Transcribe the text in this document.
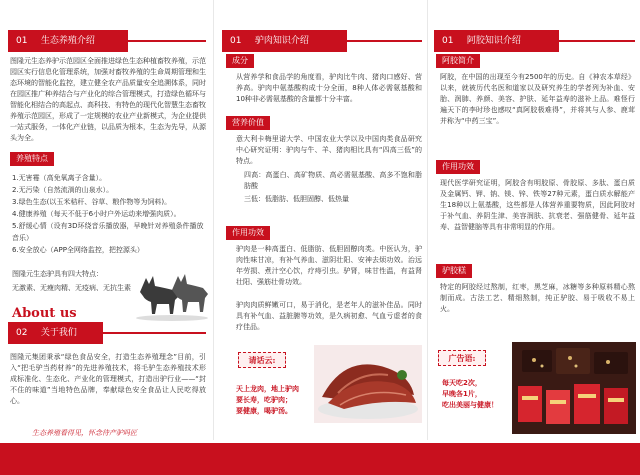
01 生态养殖介绍
图隆元生态养驴示范园区全面推进绿色生态种植畜牧养殖，示范园区实行信息化管理系统，加强对畜牧养殖的生命周期管理和生态环境的智能化监控，建立健全农产品质量安全追溯体系，同时在园区推广种养结合与产业化的综合管理模式，打造绿色循环与智能化相结合的高起点、高科技、有特色的现代化智慧生态畜牧养殖示范园区，形成了一定规模的农业产业新模式，为企业提供一站式服务，一体化产业链，以品质为根本，生态为先导，从源头为全。
养殖特点
1.无害霉（高免氧离子含量）。
2.无污染（自然流淌的山泉水）。
3.绿色生态(以玉米秸秆、谷草、粮作物等为饲料)。
4.健康养殖（每天不低于6小时户外运动来增强肉质）。
5.舒缓心情（设有3D环绕音乐播放器，早晚针对养殖条件播放音乐）
6.安全放心（APP全网络监控，把控源头）
图隆元生态驴具有四大特点：
无激素、无瘦肉精、无疫病、无抗生素
About us
02 关于我们
图隆元集团秉承“绿色食品安全，打造生态养殖理念”目前，引入“把毛驴当药材养”的先进养殖技术，将毛驴生态养殖技术形成标准化、生态化、产业化的管理模式，打造出驴行业——“封不住的味道”当地特色品牌，奉献绿色安全食品让人民吃得放心。
生态养殖看得见，怀念待产驴吗匠
01 驴肉知识介绍
成分
从营养学和食品学的角度看，驴肉比牛肉、猪肉口感好、营养高。驴肉中氨基酸构成十分全面，8种人体必需氨基酸和10种非必需氨基酸的含量都十分丰富。
营养价值
意大利卡梅里诺大学、中国农业大学以及中国肉类食品研究中心研究证明：驴肉与牛、羊、猪肉相比具有“四高三低”的特点。
四高：高蛋白、高矿物质、高必需氨基酸、高多不饱和脂肪酸
三低：低脂肪、低胆固醇、低热量
作用功效
驴肉是一种高蛋白、低脂肪、低胆固醇肉类。中医认为，驴肉性味甘凉，有补气养血、滋阴壮阳、安神去烦功效。治远年劳损、煮汁空心饮，疗痔引虫。驴肾，味甘性温，有益肾壮阳、强筋壮骨功效。
驴肉肉质鲜嫩可口，易于消化，是老年人的滋补佳品。同时具有补气血、益脏腑等功效，是久病初愈、气血亏虚者的食疗佳品。
请话云:
天上龙肉，地上驴肉
要长寿，吃驴肉；
要健康，喝驴汤。
01 阿胶知识介绍
阿胶简介
阿胶，在中国的出现至今有2500年的历史。自《神农本草经》以来，就被历代名医和道家以及研究养生的学者列为补血、安胎、润肺、养颜、美容、护肤、延年益寿的滋补上品。难怪行遍天下的李时珍也感叹“真阿胶极难得”，并将其与人参、鹿茸并称为“中药三宝”。
作用功效
现代医学研究证明，阿胶含有明胶原、骨胶原、多肽、蛋白质及金属钙、钾、钠、镁、锌、铁等27种元素，蛋白质水解能产生18种以上氨基酸，这些都是人体营养重要物质，因此阿胶对于补气血、养阴生津、美容润肤、抗衰老、强筋健骨、延年益寿、益智健脑等具有非常明显的作用。
驴胶糕
特定的阿胶经过熬制，红枣，黑芝麻，冰糖等多种原料精心熬制而成。古法工艺、精细熬制，纯正驴胶、易于吸收不易上火。
广告语:
每天吃2次，
早晚各1片，
吃出美丽与健康！
